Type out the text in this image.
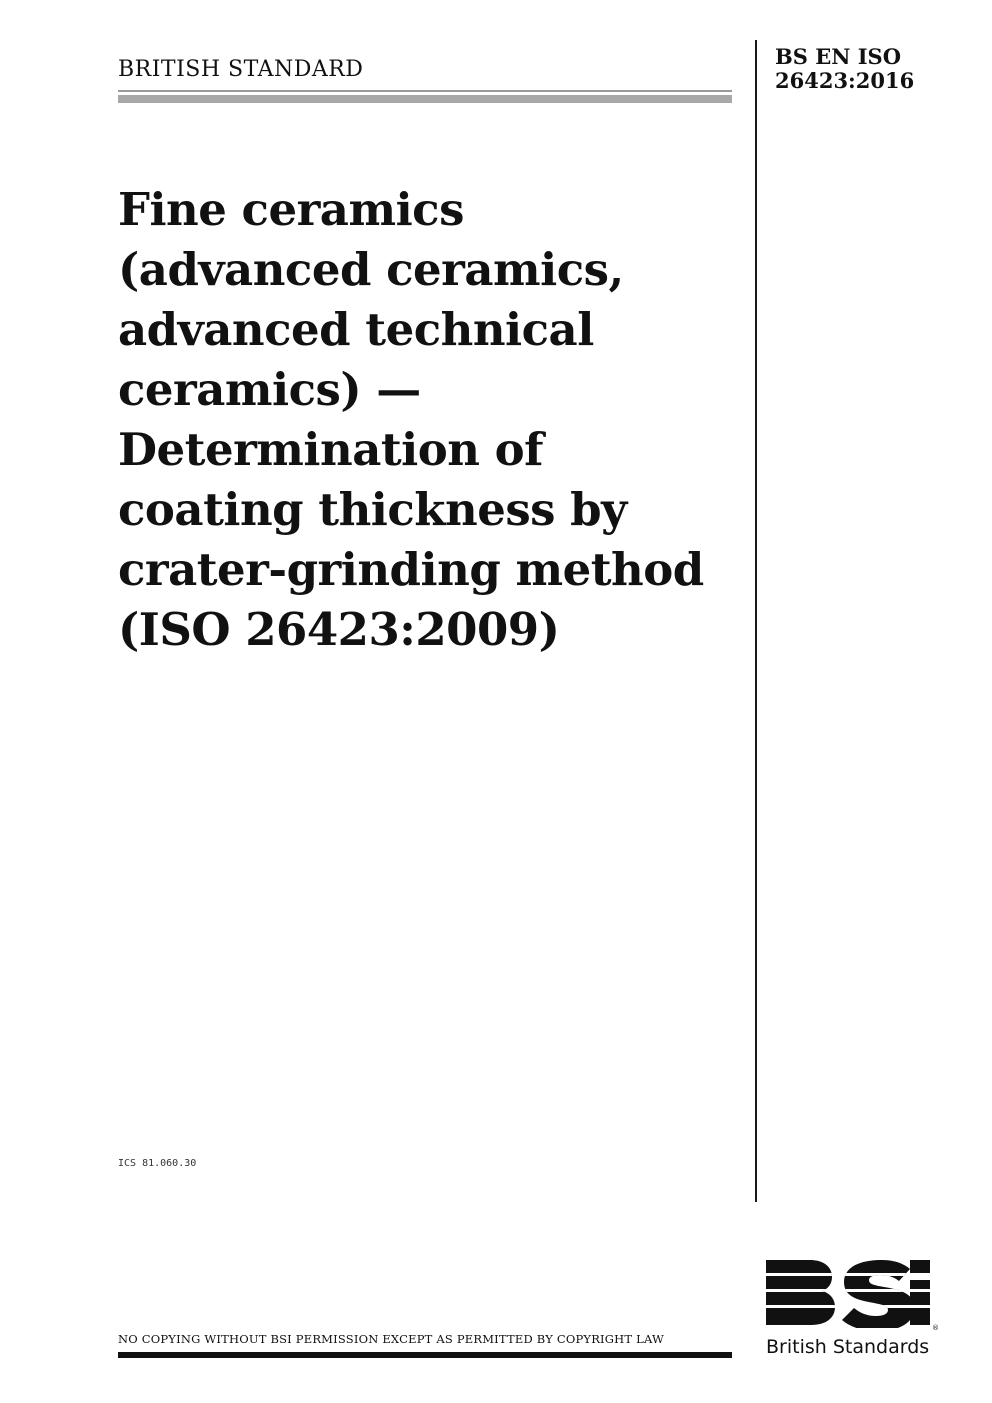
BRITISH STANDARD
BS EN ISO
26423:2016
Fine ceramics
(advanced ceramics,
advanced technical
ceramics) —
Determination of
coating thickness by
crater-grinding method
(ISO 26423:2009)
ICS 81.060.30
NO COPYING WITHOUT BSI PERMISSION EXCEPT AS PERMITTED BY COPYRIGHT LAW
®
British Standards
